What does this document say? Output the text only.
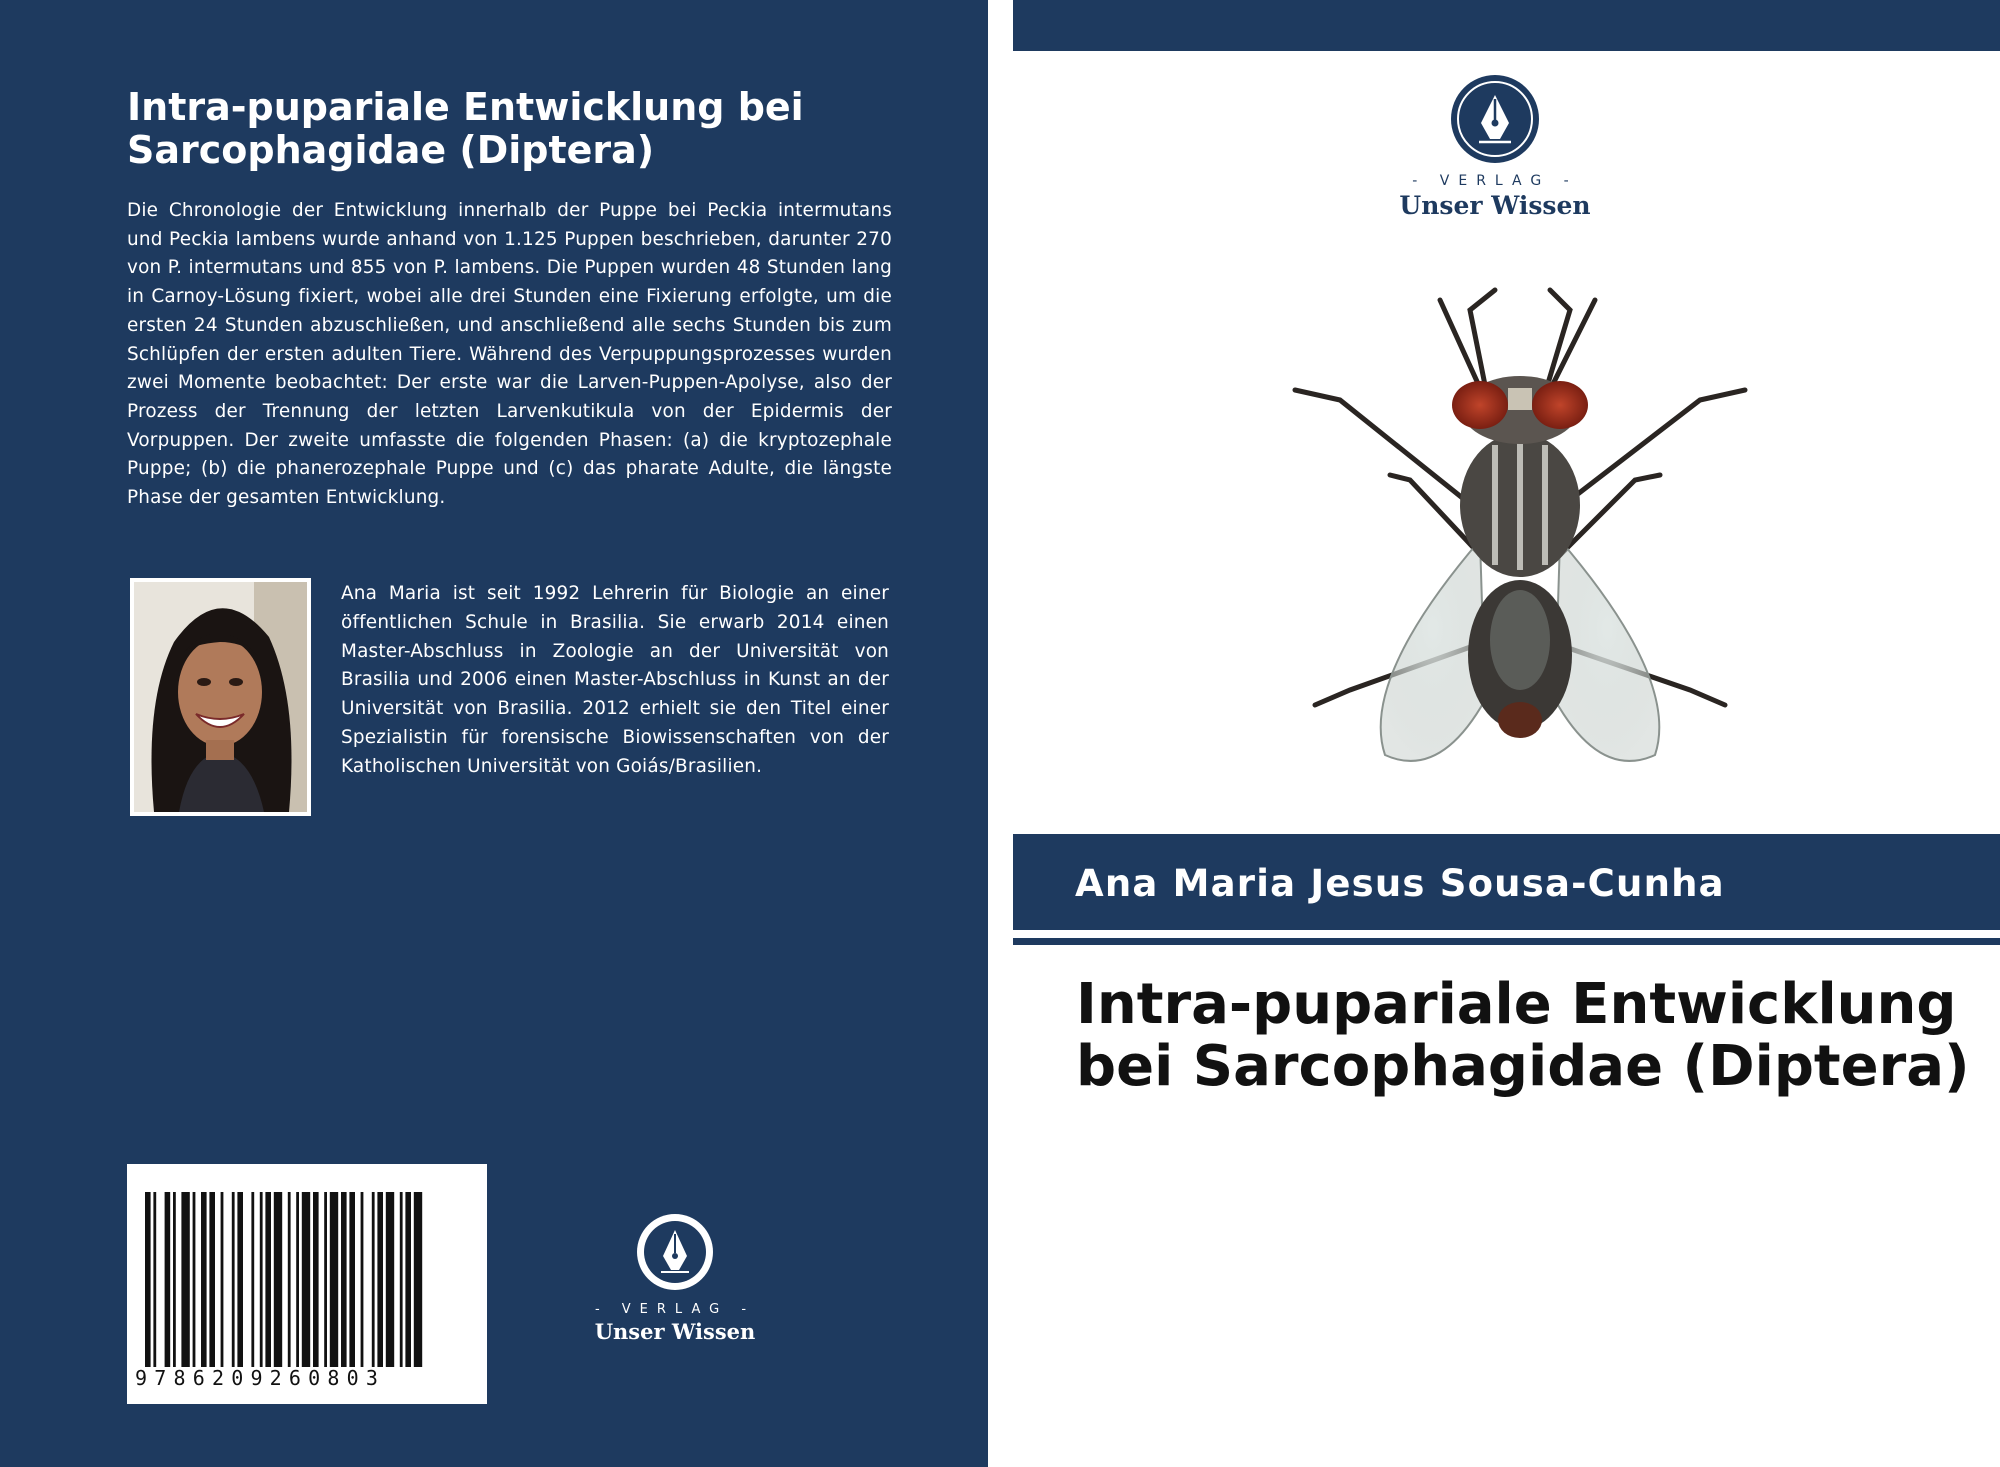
Intra-pupariale Entwicklung bei Sarcophagidae (Diptera)
Die Chronologie der Entwicklung innerhalb der Puppe bei Peckia intermutans und Peckia lambens wurde anhand von 1.125 Puppen beschrieben, darunter 270 von P. intermutans und 855 von P. lambens. Die Puppen wurden 48 Stunden lang in Carnoy-Lösung fixiert, wobei alle drei Stunden eine Fixierung erfolgte, um die ersten 24 Stunden abzuschließen, und anschließend alle sechs Stunden bis zum Schlüpfen der ersten adulten Tiere. Während des Verpuppungsprozesses wurden zwei Momente beobachtet: Der erste war die Larven-Puppen-Apolyse, also der Prozess der Trennung der letzten Larvenkutikula von der Epidermis der Vorpuppen. Der zweite umfasste die folgenden Phasen: (a) die kryptozephale Puppe; (b) die phanerozephale Puppe und (c) das pharate Adulte, die längste Phase der gesamten Entwicklung.
Ana Maria ist seit 1992 Lehrerin für Biologie an einer öffentlichen Schule in Brasilia. Sie erwarb 2014 einen Master-Abschluss in Zoologie an der Universität von Brasilia und 2006 einen Master-Abschluss in Kunst an der Universität von Brasilia. 2012 erhielt sie den Titel einer Spezialistin für forensische Biowissenschaften von der Katholischen Universität von Goiás/Brasilien.
9786209260803
- VERLAG -
Unser Wissen
- VERLAG -
Unser Wissen
Ana Maria Jesus Sousa-Cunha
Intra-pupariale Entwicklung bei Sarcophagidae (Diptera)
